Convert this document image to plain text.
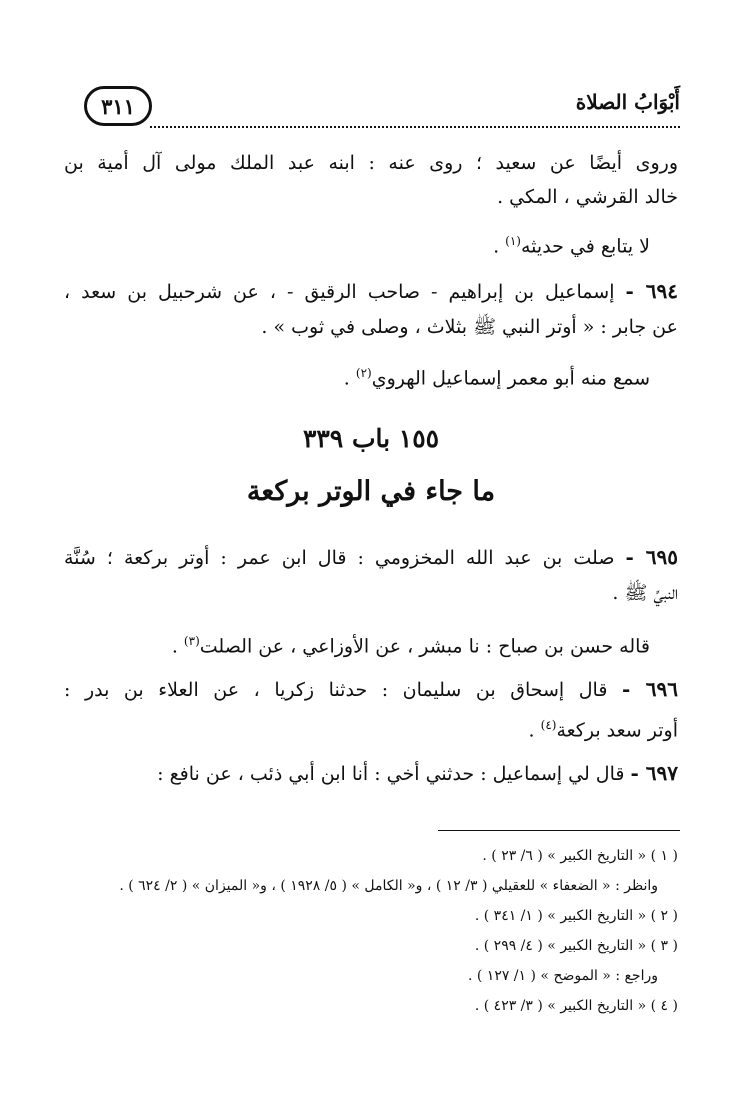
أَبْوَابُ الصلاة
٣١١
وروى أيضًا عن سعيد ؛ روى عنه : ابنه عبد الملك مولى آل أمية بن
خالد القرشي ، المكي .
لا يتابع في حديثه$^{(١)}$ .
٦٩٤ - إسماعيل بن إبراهيم - صاحب الرقيق - ، عن شرحبيل بن سعد ،
عن جابر : « أوتر النبي ﷺ بثلاث ، وصلى في ثوب » .
سمع منه أبو معمر إسماعيل الهروي$^{(٢)}$ .
١٥٥ باب ٣٣٩
ما جاء في الوتر بركعة
٦٩٥ - صلت بن عبد الله المخزومي : قال ابن عمر : أوتر بركعة ؛ سُنَّة
النبيِّ ﷺ .
قاله حسن بن صباح : نا مبشر ، عن الأوزاعي ، عن الصلت$^{(٣)}$ .
٦٩٦ - قال إسحاق بن سليمان : حدثنا زكريا ، عن العلاء بن بدر :
أوتر سعد بركعة$^{(٤)}$ .
٦٩٧ - قال لي إسماعيل : حدثني أخي : أنا ابن أبي ذئب ، عن نافع :
( ١ ) « التاريخ الكبير » ( ٦/ ٢٣ ) .
وانظر : « الضعفاء » للعقيلي ( ٣/ ١٢ ) ، و« الكامل » ( ٥/ ١٩٢٨ ) ، و« الميزان » ( ٢/ ٦٢٤ ) .
( ٢ ) « التاريخ الكبير » ( ١/ ٣٤١ ) .
( ٣ ) « التاريخ الكبير » ( ٤/ ٢٩٩ ) .
وراجع : « الموضح » ( ١/ ١٢٧ ) .
( ٤ ) « التاريخ الكبير » ( ٣/ ٤٢٣ ) .
